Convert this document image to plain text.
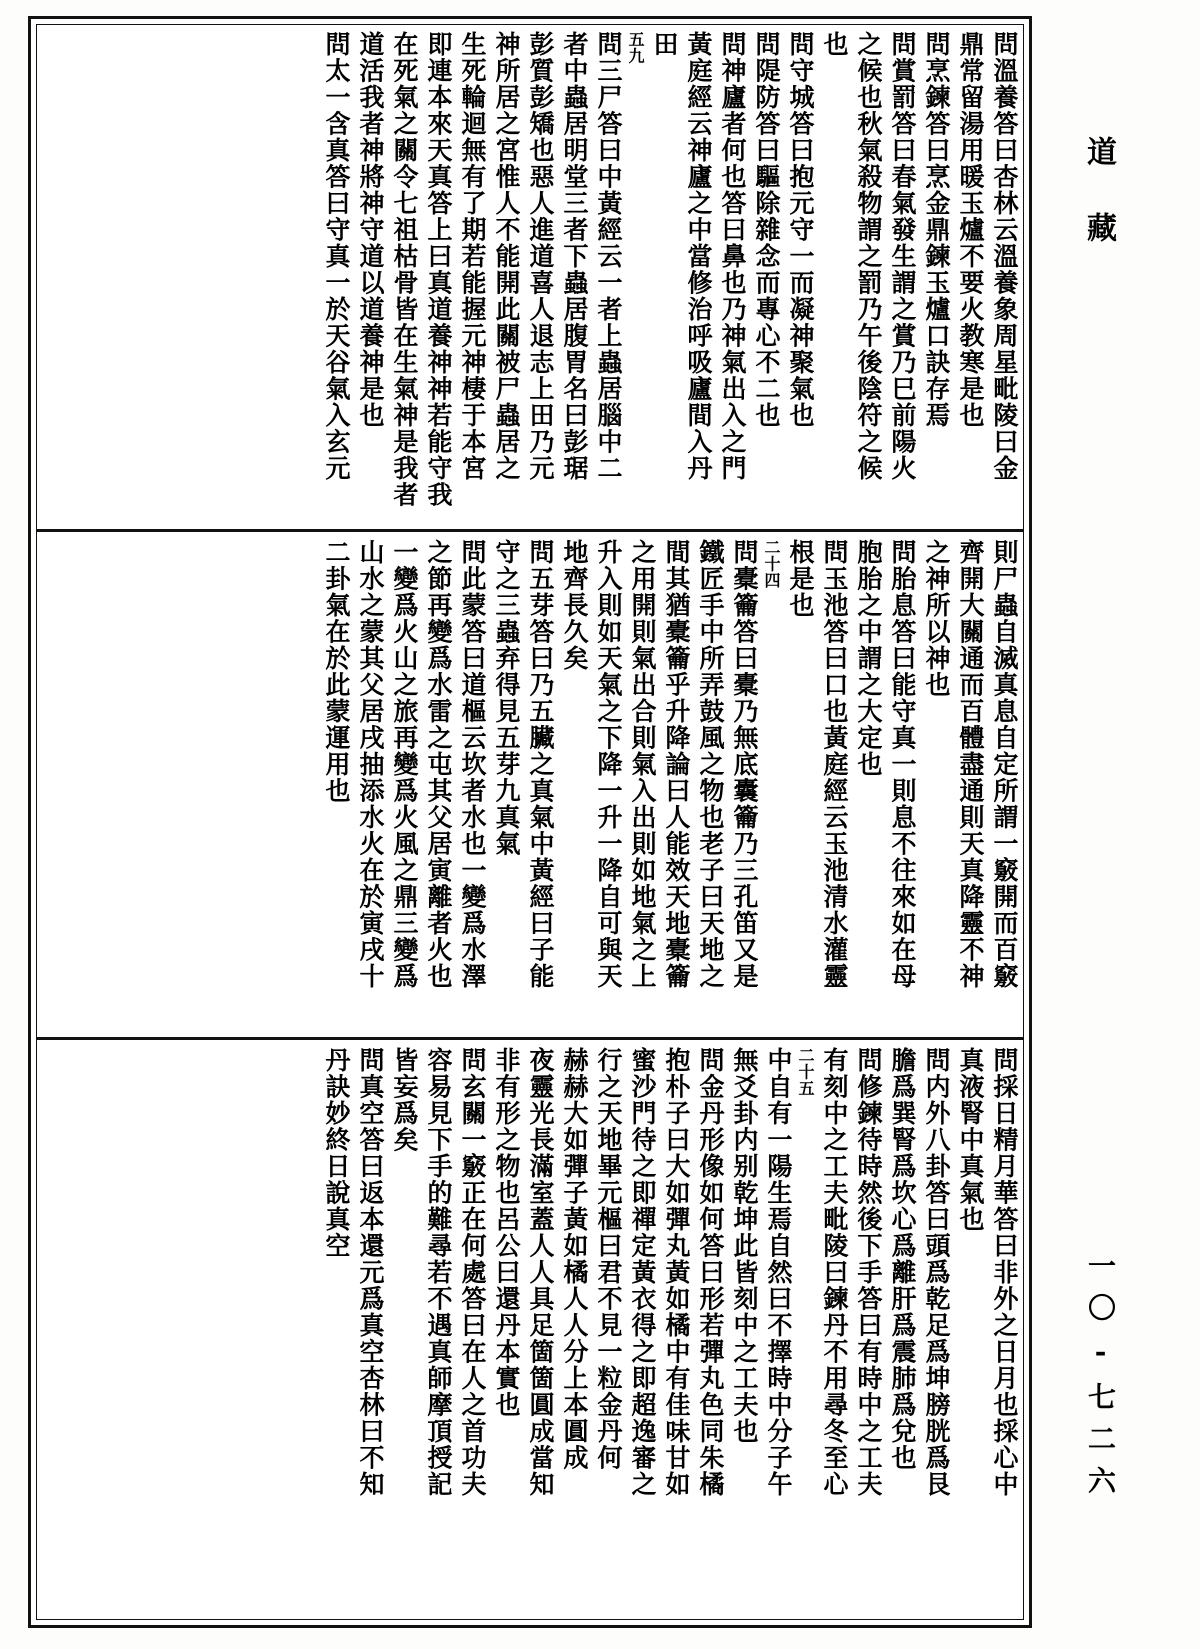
問溫養答曰杏林云溫養象周星毗陵曰金
鼎常留湯用暖玉爐不要火教寒是也
問烹鍊答曰烹金鼎鍊玉爐口訣存焉
問賞罰答曰春氣發生謂之賞乃巳前陽火
之候也秋氣殺物謂之罰乃午後陰符之候
也
問守城答曰抱元守一而凝神聚氣也
問隄防答曰驅除雜念而專心不二也
問神廬者何也答曰鼻也乃神氣出入之門
黃庭經云神廬之中當修治呼吸廬間入丹
田
五九
問三尸答曰中黃經云一者上蟲居腦中二
者中蟲居明堂三者下蟲居腹胃名曰彭琚
彭質彭矯也惡人進道喜人退志上田乃元
神所居之宮惟人不能開此關被尸蟲居之
生死輪迴無有了期若能握元神棲于本宮
即連本來天真答上曰真道養神神若能守我
在死氣之關令七祖枯骨皆在生氣神是我者
道活我者神將神守道以道養神是也
問太一含真答曰守真一於天谷氣入玄元
則尸蟲自滅真息自定所謂一竅開而百竅
齊開大關通而百體盡通則天真降靈不神
之神所以神也
問胎息答曰能守真一則息不往來如在母
胞胎之中謂之大定也
問玉池答曰口也黃庭經云玉池清水灌靈
根是也
二十四
問橐籥答曰橐乃無底囊籥乃三孔笛又是
鐵匠手中所弄鼓風之物也老子曰天地之
間其猶橐籥乎升降論曰人能效天地橐籥
之用開則氣出合則氣入出則如地氣之上
升入則如天氣之下降一升一降自可與天
地齊長久矣
問五芽答曰乃五臟之真氣中黃經曰子能
守之三蟲弃得見五芽九真氣
問此蒙答曰道樞云坎者水也一變爲水澤
之節再變爲水雷之屯其父居寅離者火也
一變爲火山之旅再變爲火風之鼎三變爲
山水之蒙其父居戌抽添水火在於寅戌十
二卦氣在於此蒙運用也
問採日精月華答曰非外之日月也採心中
真液腎中真氣也
問内外八卦答曰頭爲乾足爲坤膀胱爲艮
膽爲巽腎爲坎心爲離肝爲震肺爲兌也
問修鍊待時然後下手答曰有時中之工夫
有刻中之工夫毗陵曰鍊丹不用尋冬至心
二十五
中自有一陽生焉自然曰不擇時中分子午
無爻卦内别乾坤此皆刻中之工夫也
問金丹形像如何答曰形若彈丸色同朱橘
抱朴子曰大如彈丸黃如橘中有佳味甘如
蜜沙門待之即禪定黃衣得之即超逸審之
行之天地畢元樞曰君不見一粒金丹何
赫赫大如彈子黃如橘人人分上本圓成
夜靈光長滿室蓋人人具足箇箇圓成當知
非有形之物也呂公曰還丹本實也
問玄關一竅正在何處答曰在人之首功夫
容易見下手的難尋若不遇真師摩頂授記
皆妄爲矣
問真空答曰返本還元爲真空杏林曰不知
丹訣妙終日說真空
道藏
一〇-七二六
